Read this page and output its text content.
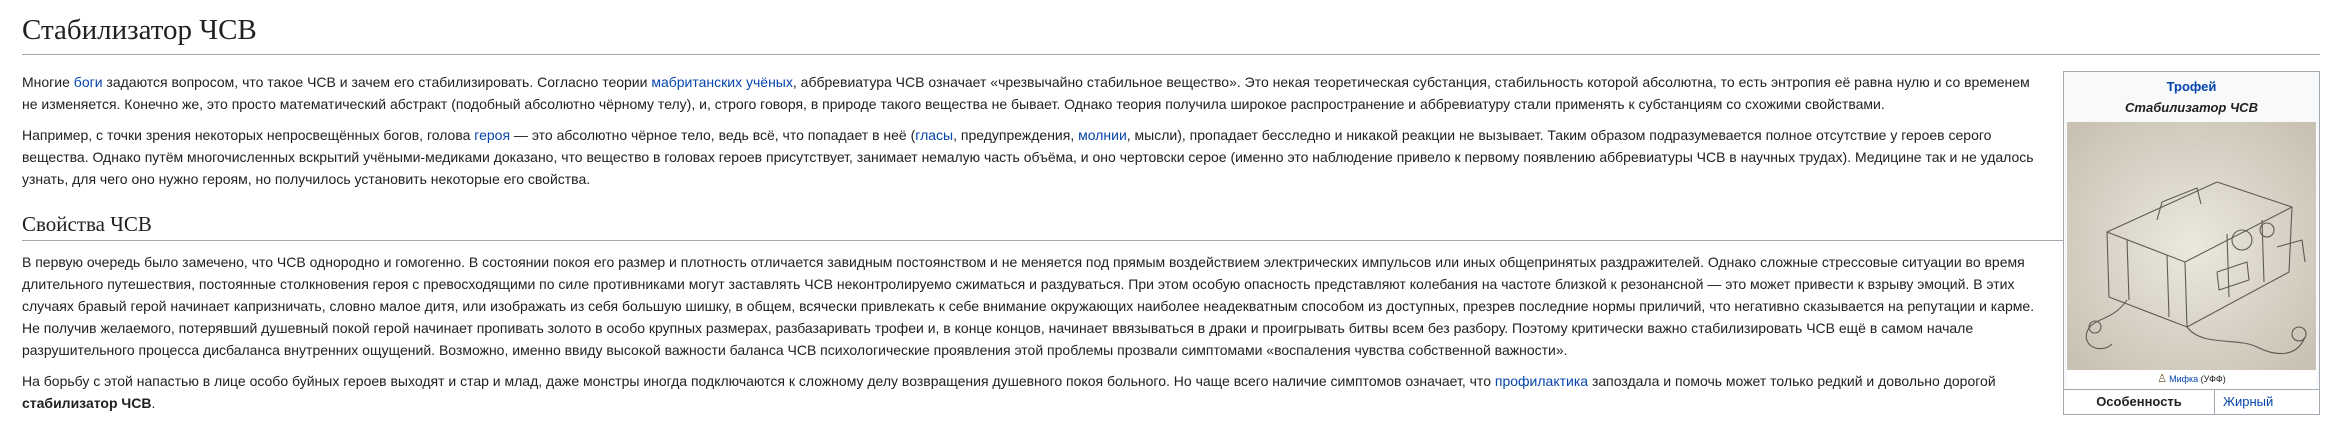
Стабилизатор ЧСВ
Трофей
Стабилизатор ЧСВ
♙ Мифка (УФФ)
Особенность	Жирный

Многие боги задаются вопросом, что такое ЧСВ и зачем его стабилизировать. Согласно теории мабританских учёных, аббревиатура ЧСВ означает «чрезвычайно стабильное вещество». Это некая теоретическая субстанция, стабильность которой абсолютна, то есть энтропия её равна нулю и со временем не изменяется. Конечно же, это просто математический абстракт (подобный абсолютно чёрному телу), и, строго говоря, в природе такого вещества не бывает. Однако теория получила широкое распространение и аббревиатуру стали применять к субстанциям со схожими свойствами.

Например, с точки зрения некоторых непросвещённых богов, голова героя — это абсолютно чёрное тело, ведь всё, что попадает в неё (гласы, предупреждения, молнии, мысли), пропадает бесследно и никакой реакции не вызывает. Таким образом подразумевается полное отсутствие у героев серого вещества. Однако путём многочисленных вскрытий учёными-медиками доказано, что вещество в головах героев присутствует, занимает немалую часть объёма, и оно чертовски серое (именно это наблюдение привело к первому появлению аббревиатуры ЧСВ в научных трудах). Медицине так и не удалось узнать, для чего оно нужно героям, но получилось установить некоторые его свойства.

Свойства ЧСВ

В первую очередь было замечено, что ЧСВ однородно и гомогенно. В состоянии покоя его размер и плотность отличается завидным постоянством и не меняется под прямым воздействием электрических импульсов или иных общепринятых раздражителей. Однако сложные стрессовые ситуации во время длительного путешествия, постоянные столкновения героя с превосходящими по силе противниками могут заставлять ЧСВ неконтролируемо сжиматься и раздуваться. При этом особую опасность представляют колебания на частоте близкой к резонансной — это может привести к взрыву эмоций. В этих случаях бравый герой начинает капризничать, словно малое дитя, или изображать из себя большую шишку, в общем, всячески привлекать к себе внимание окружающих наиболее неадекватным способом из доступных, презрев последние нормы приличий, что негативно сказывается на репутации и карме. Не получив желаемого, потерявший душевный покой герой начинает пропивать золото в особо крупных размерах, разбазаривать трофеи и, в конце концов, начинает ввязываться в драки и проигрывать битвы всем без разбору. Поэтому критически важно стабилизировать ЧСВ ещё в самом начале разрушительного процесса дисбаланса внутренних ощущений. Возможно, именно ввиду высокой важности баланса ЧСВ психологические проявления этой проблемы прозвали симптомами «воспаления чувства собственной важности».

На борьбу с этой напастью в лице особо буйных героев выходят и стар и млад, даже монстры иногда подключаются к сложному делу возвращения душевного покоя больного. Но чаще всего наличие симптомов означает, что профилактика запоздала и помочь может только редкий и довольно дорогой стабилизатор ЧСВ.
